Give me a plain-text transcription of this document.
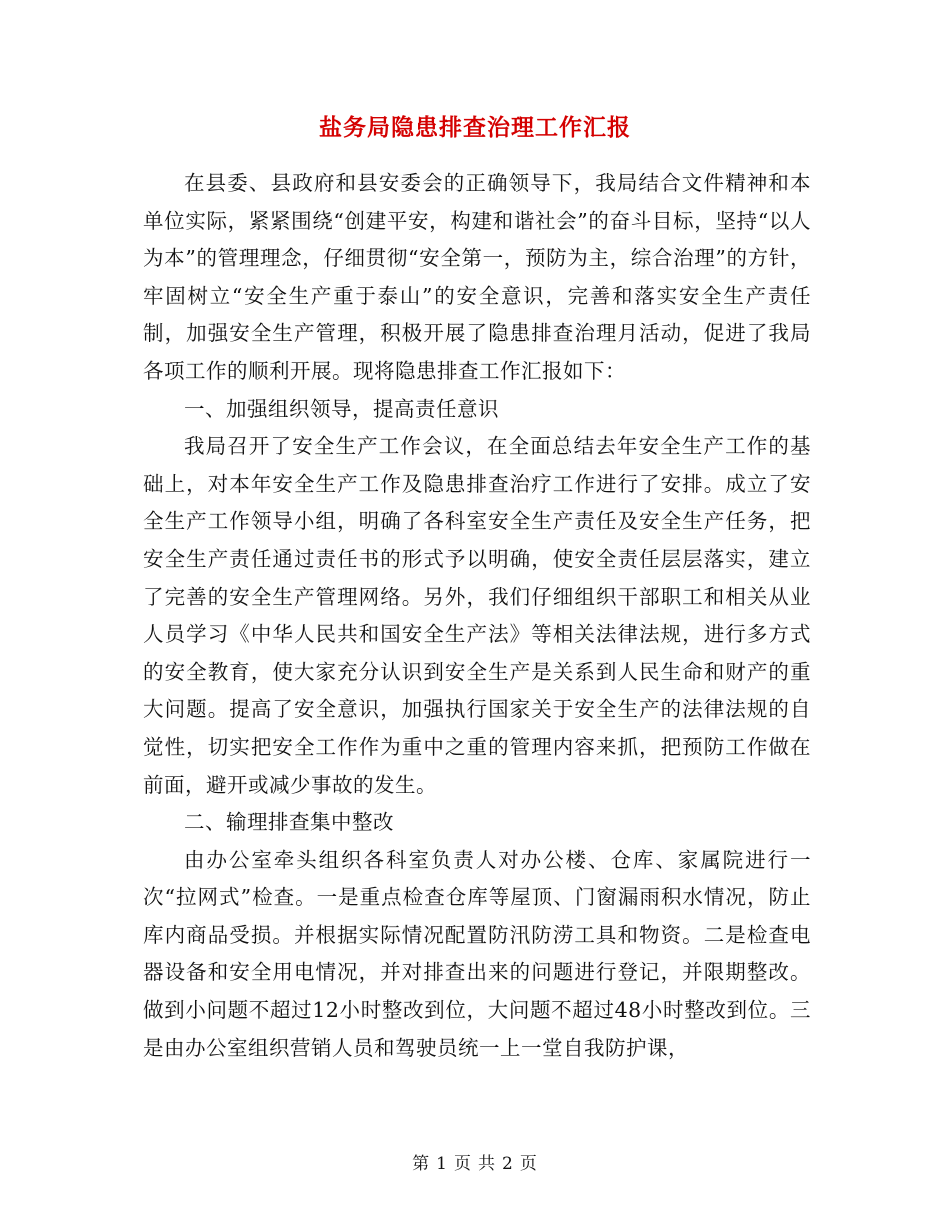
盐务局隐患排查治理工作汇报

在县委、县政府和县安委会的正确领导下，我局结合文件精神和本单位实际，紧紧围绕“创建平安，构建和谐社会”的奋斗目标，坚持“以人为本”的管理理念，仔细贯彻“安全第一，预防为主，综合治理”的方针，牢固树立“安全生产重于泰山”的安全意识，完善和落实安全生产责任制，加强安全生产管理，积极开展了隐患排查治理月活动，促进了我局各项工作的顺利开展。现将隐患排查工作汇报如下：

一、加强组织领导，提高责任意识

我局召开了安全生产工作会议，在全面总结去年安全生产工作的基础上，对本年安全生产工作及隐患排查治疗工作进行了安排。成立了安全生产工作领导小组，明确了各科室安全生产责任及安全生产任务，把安全生产责任通过责任书的形式予以明确，使安全责任层层落实，建立了完善的安全生产管理网络。另外，我们仔细组织干部职工和相关从业人员学习《中华人民共和国安全生产法》等相关法律法规，进行多方式的安全教育，使大家充分认识到安全生产是关系到人民生命和财产的重大问题。提高了安全意识，加强执行国家关于安全生产的法律法规的自觉性，切实把安全工作作为重中之重的管理内容来抓，把预防工作做在前面，避开或减少事故的发生。

二、输理排查集中整改

由办公室牵头组织各科室负责人对办公楼、仓库、家属院进行一次“拉网式”检查。一是重点检查仓库等屋顶、门窗漏雨积水情况，防止库内商品受损。并根据实际情况配置防汛防涝工具和物资。二是检查电器设备和安全用电情况，并对排查出来的问题进行登记，并限期整改。做到小问题不超过12小时整改到位，大问题不超过48小时整改到位。三是由办公室组织营销人员和驾驶员统一上一堂自我防护课，

第 1 页 共 2 页
